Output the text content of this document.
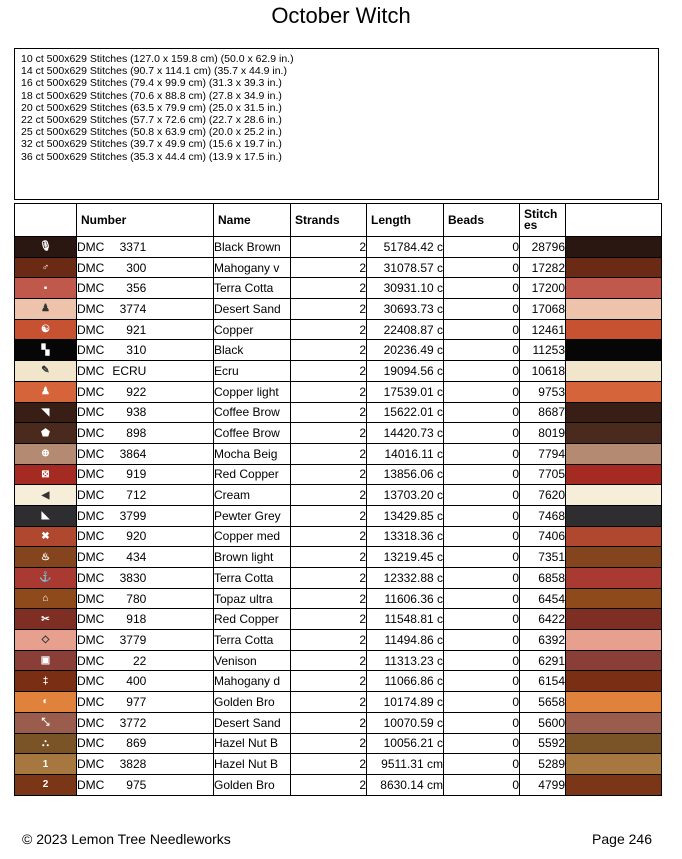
October Witch
10 ct 500x629 Stitches (127.0 x 159.8 cm) (50.0 x 62.9 in.)
14 ct 500x629 Stitches (90.7 x 114.1 cm) (35.7 x 44.9 in.)
16 ct 500x629 Stitches (79.4 x 99.9 cm) (31.3 x 39.3 in.)
18 ct 500x629 Stitches (70.6 x 88.8 cm) (27.8 x 34.9 in.)
20 ct 500x629 Stitches (63.5 x 79.9 cm) (25.0 x 31.5 in.)
22 ct 500x629 Stitches (57.7 x 72.6 cm) (22.7 x 28.6 in.)
25 ct 500x629 Stitches (50.8 x 63.9 cm) (20.0 x 25.2 in.)
32 ct 500x629 Stitches (39.7 x 49.9 cm) (15.6 x 19.7 in.)
36 ct 500x629 Stitches (35.3 x 44.4 cm) (13.9 x 17.5 in.)
	Number	Name	Strands	Length	Beads	Stitch
es	
🎙	DMC 3371	Black Brown	2	51784.42 c	0	28796	
♂	DMC 300	Mahogany v	2	31078.57 c	0	17282	
▪	DMC 356	Terra Cotta	2	30931.10 c	0	17200	
♟	DMC 3774	Desert Sand	2	30693.73 c	0	17068	
☯	DMC 921	Copper	2	22408.87 c	0	12461	
▚	DMC 310	Black	2	20236.49 c	0	11253	
✎	DMC ECRU	Ecru	2	19094.56 c	0	10618	
♟	DMC 922	Copper light	2	17539.01 c	0	9753	
◥	DMC 938	Coffee Brow	2	15622.01 c	0	8687	
⬟	DMC 898	Coffee Brow	2	14420.73 c	0	8019	
⊕	DMC 3864	Mocha Beig	2	14016.11 c	0	7794	
⊠	DMC 919	Red Copper	2	13856.06 c	0	7705	
◀	DMC 712	Cream	2	13703.20 c	0	7620	
◣	DMC 3799	Pewter Grey	2	13429.85 c	0	7468	
✖	DMC 920	Copper med	2	13318.36 c	0	7406	
♨	DMC 434	Brown light	2	13219.45 c	0	7351	
⚓	DMC 3830	Terra Cotta	2	12332.88 c	0	6858	
⌂	DMC 780	Topaz ultra	2	11606.36 c	0	6454	
✂	DMC 918	Red Copper	2	11548.81 c	0	6422	
◇	DMC 3779	Terra Cotta	2	11494.86 c	0	6392	
▣	DMC 22	Venison	2	11313.23 c	0	6291	
‡	DMC 400	Mahogany d	2	11066.86 c	0	6154	
◐	DMC 977	Golden Bro	2	10174.89 c	0	5658	
⤡	DMC 3772	Desert Sand	2	10070.59 c	0	5600	
⛬	DMC 869	Hazel Nut B	2	10056.21 c	0	5592	
1	DMC 3828	Hazel Nut B	2	9511.31 cm	0	5289	
2	DMC 975	Golden Bro	2	8630.14 cm	0	4799	
© 2023 Lemon Tree Needleworks	Page 246
